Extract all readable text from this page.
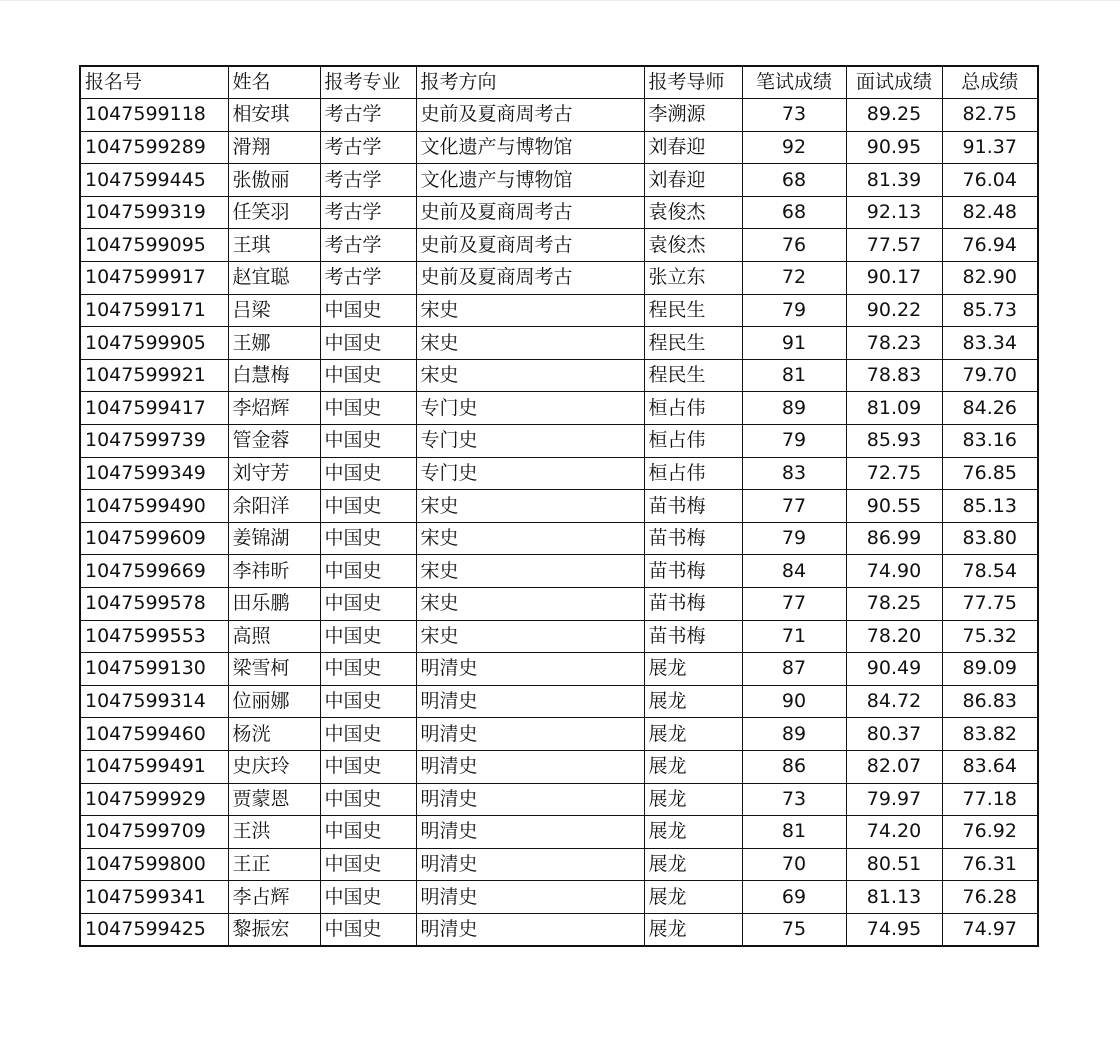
报名号	姓名	报考专业	报考方向	报考导师	笔试成绩	面试成绩	总成绩
1047599118	相安琪	考古学	史前及夏商周考古	李溯源	73	89.25	82.75
1047599289	滑翔	考古学	文化遗产与博物馆	刘春迎	92	90.95	91.37
1047599445	张傲丽	考古学	文化遗产与博物馆	刘春迎	68	81.39	76.04
1047599319	任笑羽	考古学	史前及夏商周考古	袁俊杰	68	92.13	82.48
1047599095	王琪	考古学	史前及夏商周考古	袁俊杰	76	77.57	76.94
1047599917	赵宜聪	考古学	史前及夏商周考古	张立东	72	90.17	82.90
1047599171	吕梁	中国史	宋史	程民生	79	90.22	85.73
1047599905	王娜	中国史	宋史	程民生	91	78.23	83.34
1047599921	白慧梅	中国史	宋史	程民生	81	78.83	79.70
1047599417	李炤辉	中国史	专门史	桓占伟	89	81.09	84.26
1047599739	管金蓉	中国史	专门史	桓占伟	79	85.93	83.16
1047599349	刘守芳	中国史	专门史	桓占伟	83	72.75	76.85
1047599490	余阳洋	中国史	宋史	苗书梅	77	90.55	85.13
1047599609	姜锦湖	中国史	宋史	苗书梅	79	86.99	83.80
1047599669	李祎昕	中国史	宋史	苗书梅	84	74.90	78.54
1047599578	田乐鹏	中国史	宋史	苗书梅	77	78.25	77.75
1047599553	高照	中国史	宋史	苗书梅	71	78.20	75.32
1047599130	梁雪柯	中国史	明清史	展龙	87	90.49	89.09
1047599314	位丽娜	中国史	明清史	展龙	90	84.72	86.83
1047599460	杨洸	中国史	明清史	展龙	89	80.37	83.82
1047599491	史庆玲	中国史	明清史	展龙	86	82.07	83.64
1047599929	贾蒙恩	中国史	明清史	展龙	73	79.97	77.18
1047599709	王洪	中国史	明清史	展龙	81	74.20	76.92
1047599800	王正	中国史	明清史	展龙	70	80.51	76.31
1047599341	李占辉	中国史	明清史	展龙	69	81.13	76.28
1047599425	黎振宏	中国史	明清史	展龙	75	74.95	74.97
